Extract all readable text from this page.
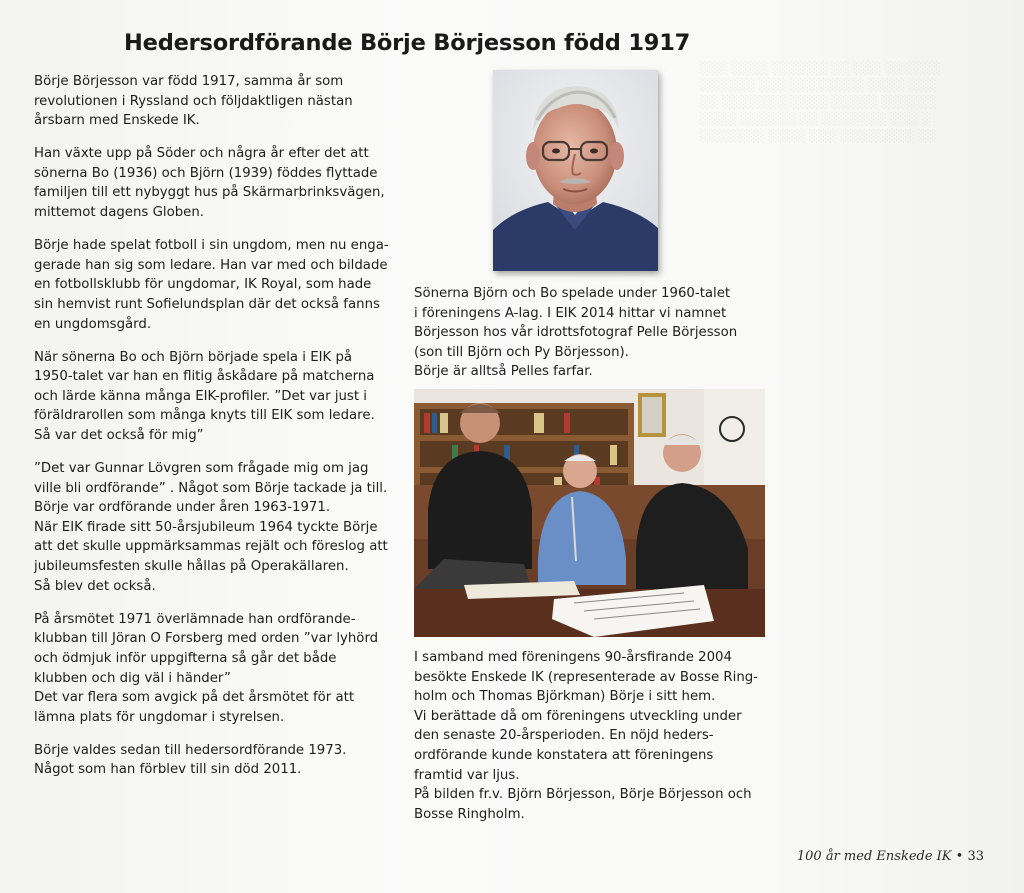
░░░ ░░░░ ░░░░░░ ░░ ░░░ ░░░░░░
░░░░░░ ░░░ ░░░░░░░░ ░░░░ ░░░
░░ ░░░░░░░ ░░░░ ░░░░░ ░░░░░░
░░░░ ░░░░░░ ░░ ░░░░░░░ ░░░ ░
░░░░░░░ ░░░░ ░░░ ░░░░░░░░ ░░
Hedersordförande Börje Börjesson född 1917

Börje Börjesson var född 1917, samma år som
revolutionen i Ryssland och följdaktligen nästan
årsbarn med Enskede IK.

Han växte upp på Söder och några år efter det att
sönerna Bo (1936) och Björn (1939) föddes flyttade
familjen till ett nybyggt hus på Skärmarbrinksvägen,
mittemot dagens Globen.

Börje hade spelat fotboll i sin ungdom, men nu enga-
gerade han sig som ledare. Han var med och bildade
en fotbollsklubb för ungdomar, IK Royal, som hade
sin hemvist runt Sofielundsplan där det också fanns
en ungdomsgård.

När sönerna Bo och Björn började spela i EIK på
1950-talet var han en flitig åskådare på matcherna
och lärde känna många EIK-profiler. ”Det var just i
föräldrarollen som många knyts till EIK som ledare.
Så var det också för mig”

”Det var Gunnar Lövgren som frågade mig om jag
ville bli ordförande” . Något som Börje tackade ja till.
Börje var ordförande under åren 1963-1971.
När EIK firade sitt 50-årsjubileum 1964 tyckte Börje
att det skulle uppmärksammas rejält och föreslog att
jubileumsfesten skulle hållas på Operakällaren.
Så blev det också.

På årsmötet 1971 överlämnade han ordförande-
klubban till Jöran O Forsberg med orden ”var lyhörd
och ödmjuk inför uppgifterna så går det både
klubben och dig väl i händer”
Det var flera som avgick på det årsmötet för att
lämna plats för ungdomar i styrelsen.

Börje valdes sedan till hedersordförande 1973.
Något som han förblev till sin död 2011.

Sönerna Björn och Bo spelade under 1960-talet
i föreningens A-lag. I EIK 2014 hittar vi namnet
Börjesson hos vår idrottsfotograf Pelle Börjesson
(son till Björn och Py Börjesson).
Börje är alltså Pelles farfar.

I samband med föreningens 90-årsfirande 2004
besökte Enskede IK (representerade av Bosse Ring-
holm och Thomas Björkman) Börje i sitt hem.
Vi berättade då om föreningens utveckling under
den senaste 20-årsperioden. En nöjd heders-
ordförande kunde konstatera att föreningens
framtid var ljus.
På bilden fr.v. Björn Börjesson, Börje Börjesson och
Bosse Ringholm.

100 år med Enskede IK • 33
